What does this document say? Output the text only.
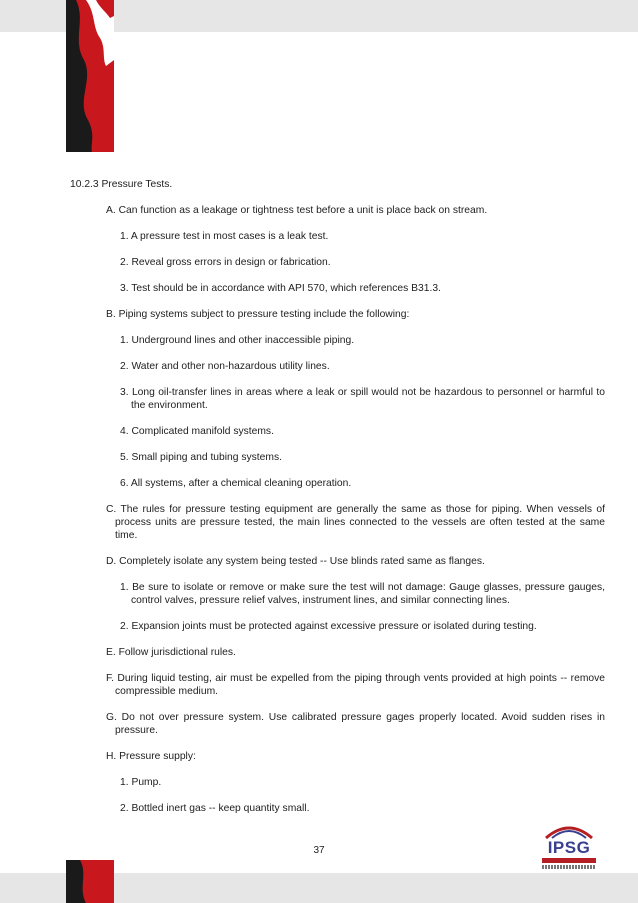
10.2.3 Pressure Tests.

A. Can function as a leakage or tightness test before a unit is place back on stream.

1. A pressure test in most cases is a leak test.

2. Reveal gross errors in design or fabrication.

3. Test should be in accordance with API 570, which references B31.3.

B. Piping systems subject to pressure testing include the following:

1. Underground lines and other inaccessible piping.

2. Water and other non-hazardous utility lines.

3. Long oil-transfer lines in areas where a leak or spill would not be hazardous to personnel or harmful to the environment.

4. Complicated manifold systems.

5. Small piping and tubing systems.

6. All systems, after a chemical cleaning operation.

C. The rules for pressure testing equipment are generally the same as those for piping. When vessels of process units are pressure tested, the main lines connected to the vessels are often tested at the same time.

D. Completely isolate any system being tested -- Use blinds rated same as flanges.

1. Be sure to isolate or remove or make sure the test will not damage: Gauge glasses, pressure gauges, control valves, pressure relief valves, instrument lines, and similar connecting lines.

2. Expansion joints must be protected against excessive pressure or isolated during testing.

E. Follow jurisdictional rules.

F. During liquid testing, air must be expelled from the piping through vents provided at high points -- remove compressible medium.

G. Do not over pressure system. Use calibrated pressure gages properly located. Avoid sudden rises in pressure.

H. Pressure supply:

1. Pump.

2. Bottled inert gas -- keep quantity small.

37	IPSG
